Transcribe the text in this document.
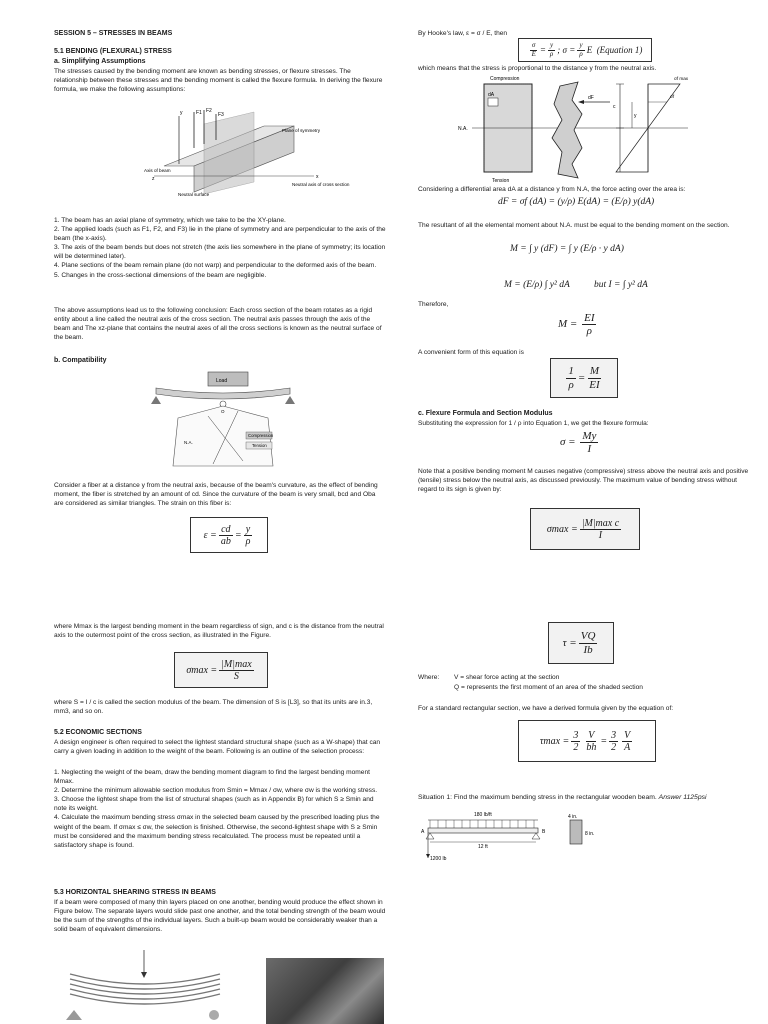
SESSION 5 – STRESSES IN BEAMS
5.1 BENDING (FLEXURAL) STRESS
a. Simplifying Assumptions
The stresses caused by the bending moment are known as bending stresses, or flexure stresses. The relationship between these stresses and the bending moment is called the flexure formula. In deriving the flexure formula, we make the following assumptions:
F1 F2
F3
y
z	x
Axis of beam
Neutral surface
Plane of symmetry
Neutral axis of cross section
1. The beam has an axial plane of symmetry, which we take to be the XY-plane.
2. The applied loads (such as F1, F2, and F3) lie in the plane of symmetry and are perpendicular to the axis of the beam (the x-axis).
3. The axis of the beam bends but does not stretch (the axis lies somewhere in the plane of symmetry; its location will be determined later).
4. Plane sections of the beam remain plane (do not warp) and perpendicular to the deformed axis of the beam.
5. Changes in the cross-sectional dimensions of the beam are negligible.
The above assumptions lead us to the following conclusion: Each cross section of the beam rotates as a rigid entity about a line called the neutral axis of the cross section. The neutral axis passes through the axis of the beam and The xz-plane that contains the neutral axes of all the cross sections is known as the neutral surface of the beam.
b. Compatibility
Load
Compression
Tension
N.A.
O
Consider a fiber at a distance y from the neutral axis, because of the beam's curvature, as the effect of bending moment, the fiber is stretched by an amount of cd. Since the curvature of the beam is very small, bcd and Oba are considered as similar triangles. The strain on this fiber is:
$\varepsilon = \frac{cd}{ab} = \frac{y}{\rho}$
where Mmax is the largest bending moment in the beam regardless of sign, and c is the distance from the neutral axis to the outermost point of the cross section, as illustrated in the Figure.
$\sigma\max = \frac{|M|\max}{S}$
where S = I / c is called the section modulus of the beam. The dimension of S is [L3], so that its units are in.3, mm3, and so on.
5.2 ECONOMIC SECTIONS
A design engineer is often required to select the lightest standard structural shape (such as a W-shape) that can carry a given loading in addition to the weight of the beam. Following is an outline of the selection process:
1. Neglecting the weight of the beam, draw the bending moment diagram to find the largest bending moment Mmax.
2. Determine the minimum allowable section modulus from Smin = Mmax / σw, where σw is the working stress.
3. Choose the lightest shape from the list of structural shapes (such as in Appendix B) for which S ≥ Smin and note its weight.
4. Calculate the maximum bending stress σmax in the selected beam caused by the prescribed loading plus the weight of the beam. If σmax ≤ σw, the selection is finished. Otherwise, the second-lightest shape with S ≥ Smin must be considered and the maximum bending stress recalculated. The process must be repeated until a satisfactory shape is found.
5.3 HORIZONTAL SHEARING STRESS IN BEAMS
If a beam were composed of many thin layers placed on one another, bending would produce the effect shown in Figure below. The separate layers would slide past one another, and the total bending strength of the beam would be the sum of the strengths of the individual layers. Such a built-up beam would be considerably weaker than a solid beam of equivalent dimensions.
By Hooke's law, ε = σ / E, then
$\frac{\sigma}{E} = \frac{y}{\rho}$ ; $\sigma = \frac{y}{\rho}$ E
(Equation 1)
which means that the stress is proportional to the distance y from the neutral axis.
Compression
dA
N.A.
dF
c
y
σf max
σf
Tension
Considering a differential area dA at a distance y from N.A, the force acting over the area is:
dF = σf (dA) = (y/ρ) E(dA) = (E/ρ) y(dA)
The resultant of all the elemental moment about N.A. must be equal to the bending moment on the section.
M = ∫ y (dF) = ∫ y (E/ρ · y dA)
M = (E/ρ) ∫ y² dA	but I = ∫ y² dA
Therefore,
$M = \frac{EI}{\rho}$
A convenient form of this equation is
$\frac{1}{\rho} = \frac{M}{EI}$
c. Flexure Formula and Section Modulus
Substituting the expression for 1 / ρ into Equation 1, we get the flexure formula:
$\sigma = \frac{My}{I}$
Note that a positive bending moment M causes negative (compressive) stress above the neutral axis and positive (tensile) stress below the neutral axis, as discussed previously. The maximum value of bending stress without regard to its sign is given by:
$\sigma\max = \frac{\text{|M|max c}}{I}$
$\tau = \frac{VQ}{Ib}$
Where: V = shear force acting at the section
Q = represents the first moment of an area of the shaded section
For a standard rectangular section, we have a derived formula given by the equation of:
$\tau\max = \frac{3}{2} \frac{V}{bh} = \frac{3}{2} \frac{V}{A}$
Situation 1: Find the maximum bending stress in the rectangular wooden beam. Answer 1125psi
180 lb/ft
A	B
12 ft
1200 lb
4 in.
8 in.
